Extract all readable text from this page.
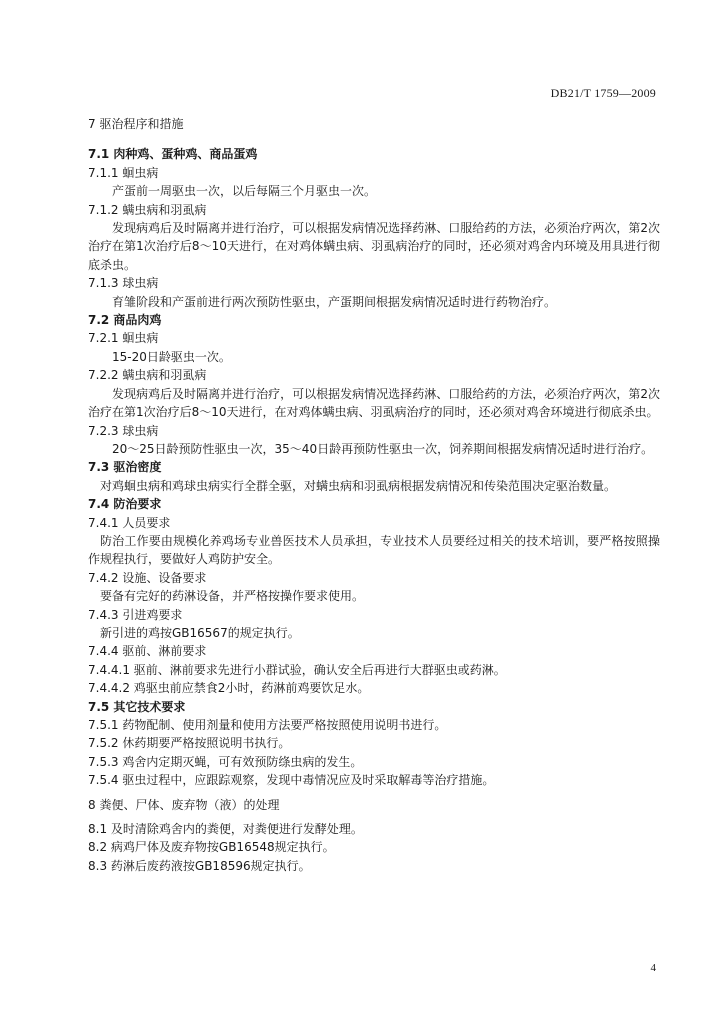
DB21/T 1759—2009
7 驱治程序和措施
7.1 肉种鸡、蛋种鸡、商品蛋鸡
7.1.1 蛔虫病
产蛋前一周驱虫一次，以后每隔三个月驱虫一次。
7.1.2 螨虫病和羽虱病
发现病鸡后及时隔离并进行治疗，可以根据发病情况选择药淋、口服给药的方法，必须治疗两次，第2次治疗在第1次治疗后8～10天进行，在对鸡体螨虫病、羽虱病治疗的同时，还必须对鸡舍内环境及用具进行彻底杀虫。
7.1.3 球虫病
育雏阶段和产蛋前进行两次预防性驱虫，产蛋期间根据发病情况适时进行药物治疗。
7.2 商品肉鸡
7.2.1 蛔虫病
15-20日龄驱虫一次。
7.2.2 螨虫病和羽虱病
发现病鸡后及时隔离并进行治疗，可以根据发病情况选择药淋、口服给药的方法，必须治疗两次，第2次治疗在第1次治疗后8～10天进行，在对鸡体螨虫病、羽虱病治疗的同时，还必须对鸡舍环境进行彻底杀虫。
7.2.3 球虫病
20～25日龄预防性驱虫一次，35～40日龄再预防性驱虫一次，饲养期间根据发病情况适时进行治疗。
7.3 驱治密度
对鸡蛔虫病和鸡球虫病实行全群全驱，对螨虫病和羽虱病根据发病情况和传染范围决定驱治数量。
7.4 防治要求
7.4.1 人员要求
防治工作要由规模化养鸡场专业兽医技术人员承担，专业技术人员要经过相关的技术培训，要严格按照操作规程执行，要做好人鸡防护安全。
7.4.2 设施、设备要求
要备有完好的药淋设备，并严格按操作要求使用。
7.4.3 引进鸡要求
新引进的鸡按GB16567的规定执行。
7.4.4 驱前、淋前要求
7.4.4.1 驱前、淋前要求先进行小群试验，确认安全后再进行大群驱虫或药淋。
7.4.4.2 鸡驱虫前应禁食2小时，药淋前鸡要饮足水。
7.5 其它技术要求
7.5.1 药物配制、使用剂量和使用方法要严格按照使用说明书进行。
7.5.2 休药期要严格按照说明书执行。
7.5.3 鸡舍内定期灭蝇，可有效预防绦虫病的发生。
7.5.4 驱虫过程中，应跟踪观察，发现中毒情况应及时采取解毒等治疗措施。
8 粪便、尸体、废弃物（液）的处理
8.1 及时清除鸡舍内的粪便，对粪便进行发酵处理。
8.2 病鸡尸体及废弃物按GB16548规定执行。
8.3 药淋后废药液按GB18596规定执行。
4
